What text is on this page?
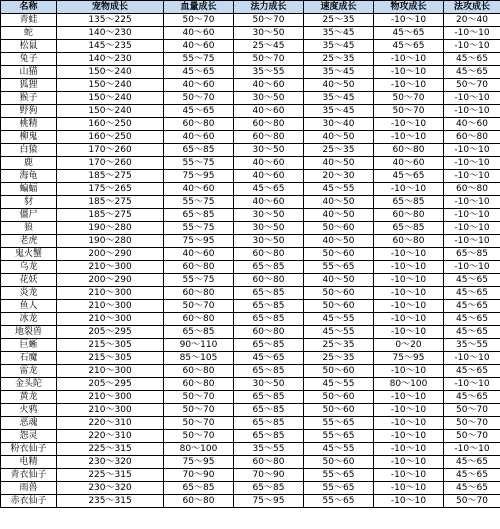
名称	宠物成长	血量成长	法力成长	速度成长	物攻成长	法攻成长
青蛙	135～225	50～70	50～70	25～35	-10～10	20～40
蛇	140～230	40～60	30～50	35～45	45～65	-10～10
松鼠	145～235	40～60	25～45	35～45	45～65	-10～10
兔子	140～230	55～75	50～70	25～35	-10～10	45～65
山猫	150～240	45～65	35～55	35～45	-10～10	45～65
狐狸	150～240	40～60	40～60	40～50	-10～10	50～70
猴子	150～240	50～70	30～50	35～45	50～70	-10～10
野狗	150～240	45～65	40～60	35～45	50～70	-10～10
桃精	160～250	60～80	60～80	30～40	-10～10	40～60
柳鬼	160～250	40～60	60～80	40～50	-10～10	60～80
白猿	170～260	65～85	30～50	25～35	60～80	-10～10
鹿	170～260	55～75	40～60	40～50	40～60	-10～10
海龟	185～275	75～95	40～60	20～30	45～65	-10～10
蝙蝠	175～265	40～60	45～65	45～55	-10～10	60～80
豺	185～275	55～75	40～60	40～50	65～85	-10～10
僵尸	185～275	65～85	30～50	40～50	60～80	-10～10
狼	190～280	55～75	30～50	50～60	65～85	-10～10
老虎	190～280	75～95	30～50	40～50	60～80	-10～10
鬼火蟹	200～290	40～60	60～80	50～60	-10～10	65～85
乌龙	210～300	60～80	65～85	55～65	-10～10	-10～10
花妖	200～290	55～75	60～80	40～50	-10～10	45～65
炎龙	210～300	60～80	65～85	50～60	-10～10	45～65
鱼人	210～300	50～70	65～85	50～60	-10～10	45～65
冰龙	210～300	60～80	65～85	45～55	-10～10	45～65
地裂兽	205～295	65～85	60～80	45～55	-10～10	45～65
巨蜥	215～305	90～110	65～85	25～35	0～20	35～55
石魔	215～305	85～105	45～65	25～35	75～95	-10～10
雷龙	210～300	60～80	65～85	50～60	-10～10	45～65
金头陀	205～295	60～80	30～50	45～55	80～100	-10～10
黄龙	210～300	50～70	65～85	50～60	-10～10	45～65
火鸦	210～300	50～70	65～85	50～60	-10～10	50～70
恶魂	220～310	50～70	65～85	55～65	-10～10	50～70
怨灵	220～310	50～70	65～85	55～65	-10～10	50～70
粉衣仙子	225～315	80～100	35～55	45～55	-10～10	-10～10
电精	230～320	75～95	60～80	50～60	-10～10	45～65
青衣仙子	225～315	70～90	70～90	55～65	-10～10	45～65
雨兽	230～320	65～85	65～85	55～65	-10～10	45～65
赤衣仙子	235～315	60～80	75～95	55～65	-10～10	50～70
